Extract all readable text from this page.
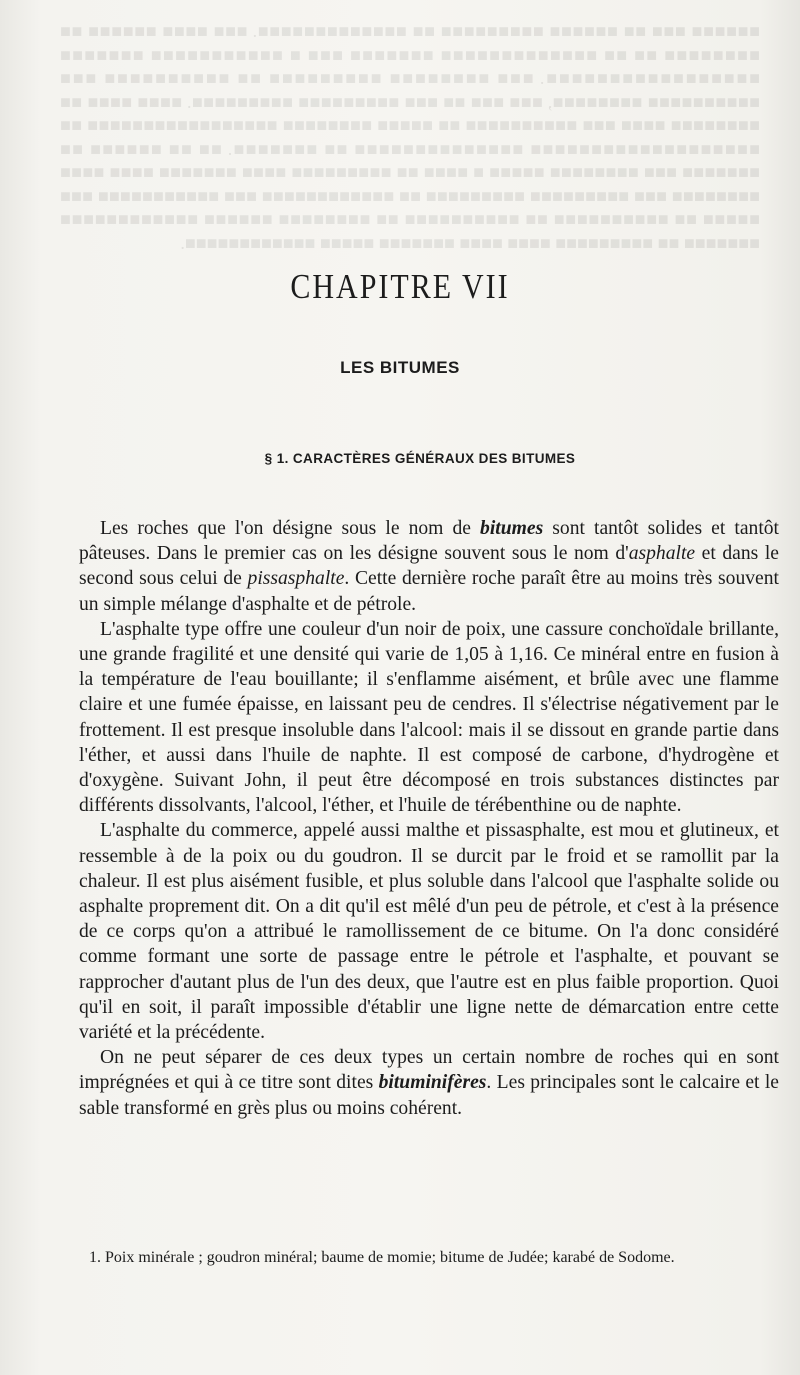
■■■■■■ ■■■ ■■ ■■■■■■ ■■■■■■■■■ ■■ ■■■■■■■■■■■■■. ■■■ ■■■■ ■■■■■■ ■■ ■■■■■■■■ ■■ ■■ ■■■■■■■■■■■■■ ■■■■■■■ ■■■ ■ ■■■■■■■■■■■ ■■■■■■■ ■■■■■■■■■■■■■■■■■. ■■■ ■■■■■■■■ ■■■■■■■■■ ■■ ■■■■■■■■■■ ■■■ ■■■■■■■■■■ ■■■■■■■■, ■■■ ■■■ ■■ ■■■ ■■■■■■■■■ ■■■■■■■■■. ■■■■ ■■■■ ■■ ■■■■■■■■ ■■■■ ■■■ ■■■■■■■■■■ ■■ ■■■■■ ■■■■■■■■ ■■■■■■■■■■■■■■■■■ ■■ ■■■■■■■■■■■■■■■■■■■ ■■■■■■■■■■■■■■ ■■ ■■■■■■■. ■■ ■■ ■■■■■■ ■■ ■■■■■■■ ■■■ ■■■■■■■■ ■■■■■ ■ ■■■■ ■■ ■■■■■■■■■ ■■■■ ■■■■■■■ ■■■■ ■■■■ ■■■■■■■■ ■■■ ■■■■■■■■■ ■■■■■■■■■ ■■ ■■■■■■■■■■■■ ■■■ ■■■■■■■■■■■ ■■■ ■■■■■ ■■ ■■■■■■■■■■ ■■ ■■■■■■■■■■ ■■ ■■■■■■■■ ■■■■■■ ■■■■■■■■■■■■ ■■■■■■■ ■■ ■■■■■■■■■ ■■■■ ■■■■ ■■■■■■■ ■■■■■ ■■■■■■■■■■■■.

CHAPITRE VII
LES BITUMES
§ 1. CARACTÈRES GÉNÉRAUX DES BITUMES

Les roches que l'on désigne sous le nom de bitumes sont tantôt solides et tantôt pâteuses. Dans le premier cas on les désigne souvent sous le nom d'asphalte et dans le second sous celui de pissasphalte. Cette dernière roche paraît être au moins très souvent un simple mélange d'asphalte et de pétrole.

L'asphalte type offre une couleur d'un noir de poix, une cassure conchoïdale brillante, une grande fragilité et une densité qui varie de 1,05 à 1,16. Ce minéral entre en fusion à la température de l'eau bouillante; il s'enflamme aisément, et brûle avec une flamme claire et une fumée épaisse, en laissant peu de cendres. Il s'électrise négativement par le frottement. Il est presque insoluble dans l'alcool: mais il se dissout en grande partie dans l'éther, et aussi dans l'huile de naphte. Il est composé de carbone, d'hydrogène et d'oxygène. Suivant John, il peut être décomposé en trois substances distinctes par différents dissolvants, l'alcool, l'éther, et l'huile de térébenthine ou de naphte.

L'asphalte du commerce, appelé aussi malthe et pissasphalte, est mou et glutineux, et ressemble à de la poix ou du goudron. Il se durcit par le froid et se ramollit par la chaleur. Il est plus aisément fusible, et plus soluble dans l'alcool que l'asphalte solide ou asphalte proprement dit. On a dit qu'il est mêlé d'un peu de pétrole, et c'est à la présence de ce corps qu'on a attribué le ramollissement de ce bitume. On l'a donc considéré comme formant une sorte de passage entre le pétrole et l'asphalte, et pouvant se rapprocher d'autant plus de l'un des deux, que l'autre est en plus faible proportion. Quoi qu'il en soit, il paraît impossible d'établir une ligne nette de démarcation entre cette variété et la précédente.

On ne peut séparer de ces deux types un certain nombre de roches qui en sont imprégnées et qui à ce titre sont dites bituminifères. Les principales sont le calcaire et le sable transformé en grès plus ou moins cohérent.

1. Poix minérale ; goudron minéral; baume de momie; bitume de Judée; karabé de Sodome.
